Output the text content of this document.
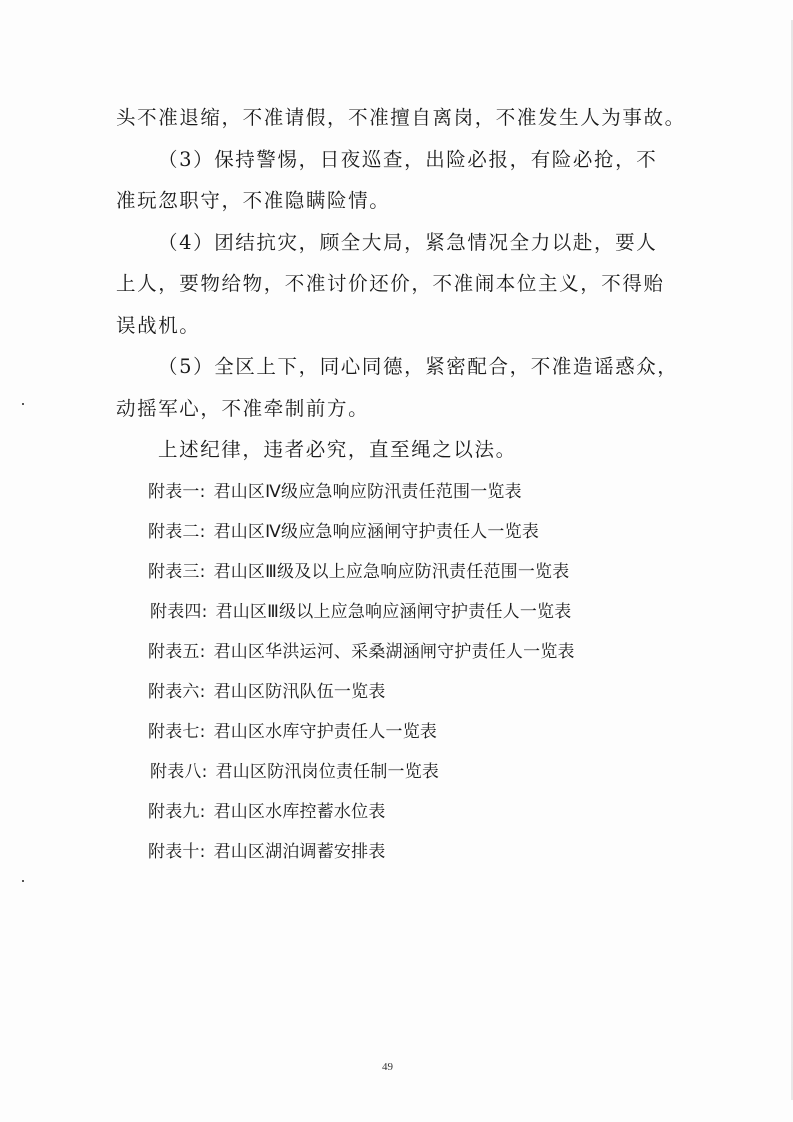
头不准退缩，不准请假，不准擅自离岗，不准发生人为事故。
（3）保持警惕，日夜巡查，出险必报，有险必抢，不
准玩忽职守，不准隐瞒险情。
（4）团结抗灾，顾全大局，紧急情况全力以赴，要人
上人，要物给物，不准讨价还价，不准闹本位主义，不得贻
误战机。
（5）全区上下，同心同德，紧密配合，不准造谣惑众，
动摇军心，不准牵制前方。
上述纪律，违者必究，直至绳之以法。
附表一: 君山区Ⅳ级应急响应防汛责任范围一览表
附表二: 君山区Ⅳ级应急响应涵闸守护责任人一览表
附表三: 君山区Ⅲ级及以上应急响应防汛责任范围一览表
附表四: 君山区Ⅲ级以上应急响应涵闸守护责任人一览表
附表五: 君山区华洪运河、采桑湖涵闸守护责任人一览表
附表六: 君山区防汛队伍一览表
附表七: 君山区水库守护责任人一览表
附表八: 君山区防汛岗位责任制一览表
附表九: 君山区水库控蓄水位表
附表十: 君山区湖泊调蓄安排表
49
